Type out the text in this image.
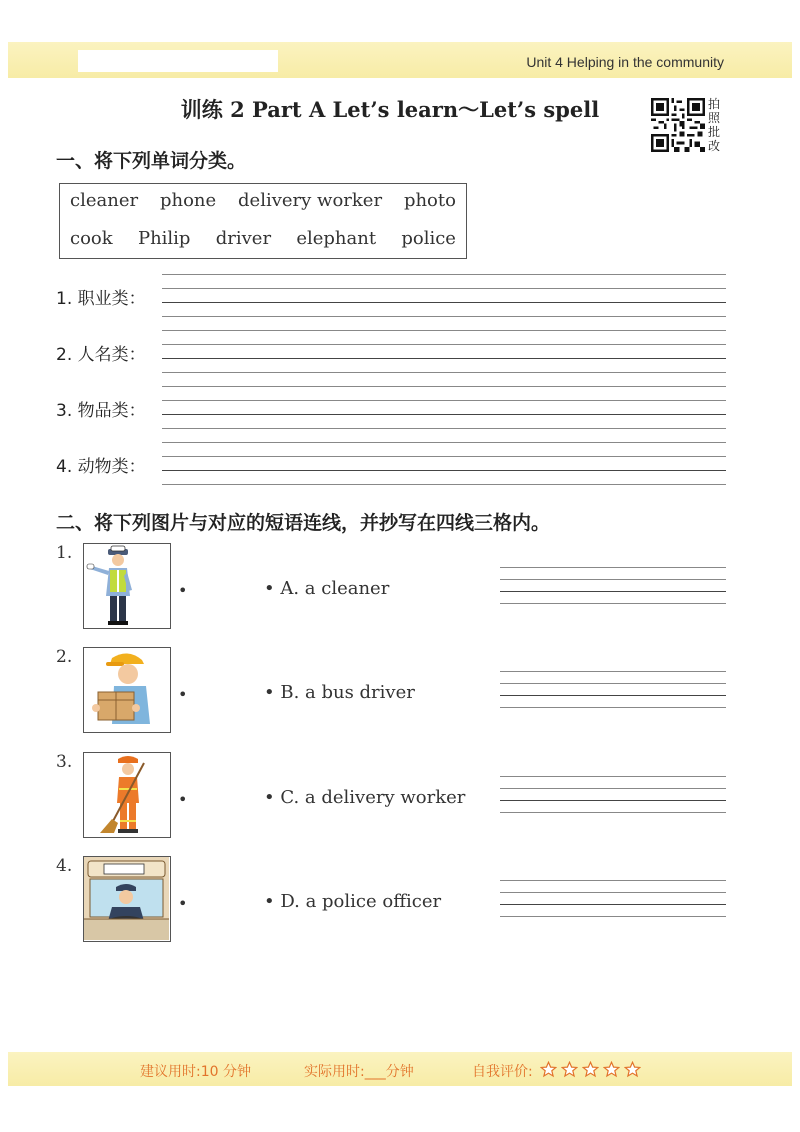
Unit 4 Helping in the community
训练 2 Part A Let’s learn～Let’s spell	拍
照
批
改
一、将下列单词分类。
cleaner phone delivery worker photo
cook Philip driver elephant police
1. 职业类：
2. 人名类：
3. 物品类：
4. 动物类：
二、将下列图片与对应的短语连线，并抄写在四线三格内。
1.
•	• A. a cleaner
2.
•	• B. a bus driver
3.
•	• C. a delivery worker
4.
•	• D. a police officer
建议用时:10 分钟	实际用时:___分钟	自我评价:
